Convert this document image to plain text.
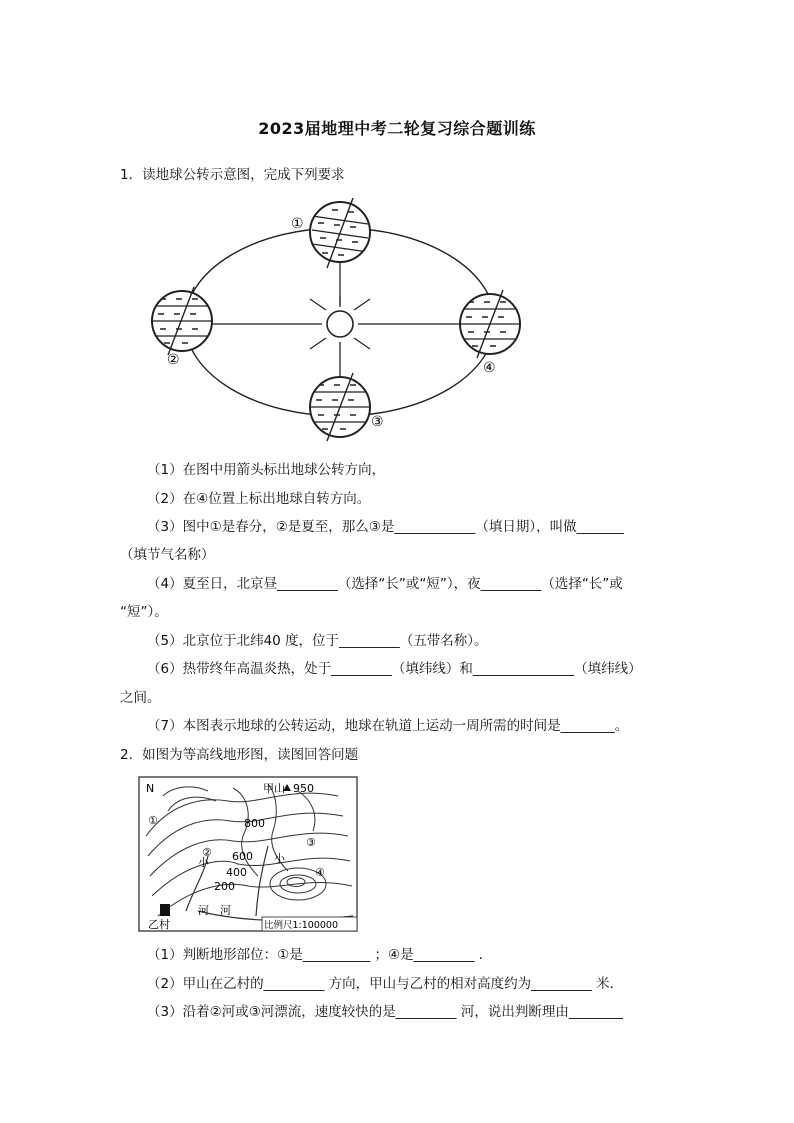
2023届地理中考二轮复习综合题训练
1．读地球公转示意图，完成下列要求
①
②
③
④
（1）在图中用箭头标出地球公转方向，
（2）在④位置上标出地球自转方向。
（3）图中①是春分，②是夏至，那么③是____________（填日期），叫做_______
（填节气名称）
（4）夏至日，北京昼_________（选择“长”或“短”），夜_________（选择“长”或
“短”）。
（5）北京位于北纬40 度，位于_________（五带名称）。
（6）热带终年高温炎热，处于_________（填纬线）和_______________（填纬线）
之间。
（7）本图表示地球的公转运动，地球在轨道上运动一周所需的时间是________。
2．如图为等高线地形图，读图回答问题
N	甲山 950
800
600
400
200
①
②
③
④
小	小
河 河
乙村	比例尺1:100000
（1）判断地形部位：①是__________ ；④是_________ .
（2）甲山在乙村的_________ 方向，甲山与乙村的相对高度约为_________ 米．
（3）沿着②河或③河漂流，速度较快的是_________ 河，说出判断理由________
